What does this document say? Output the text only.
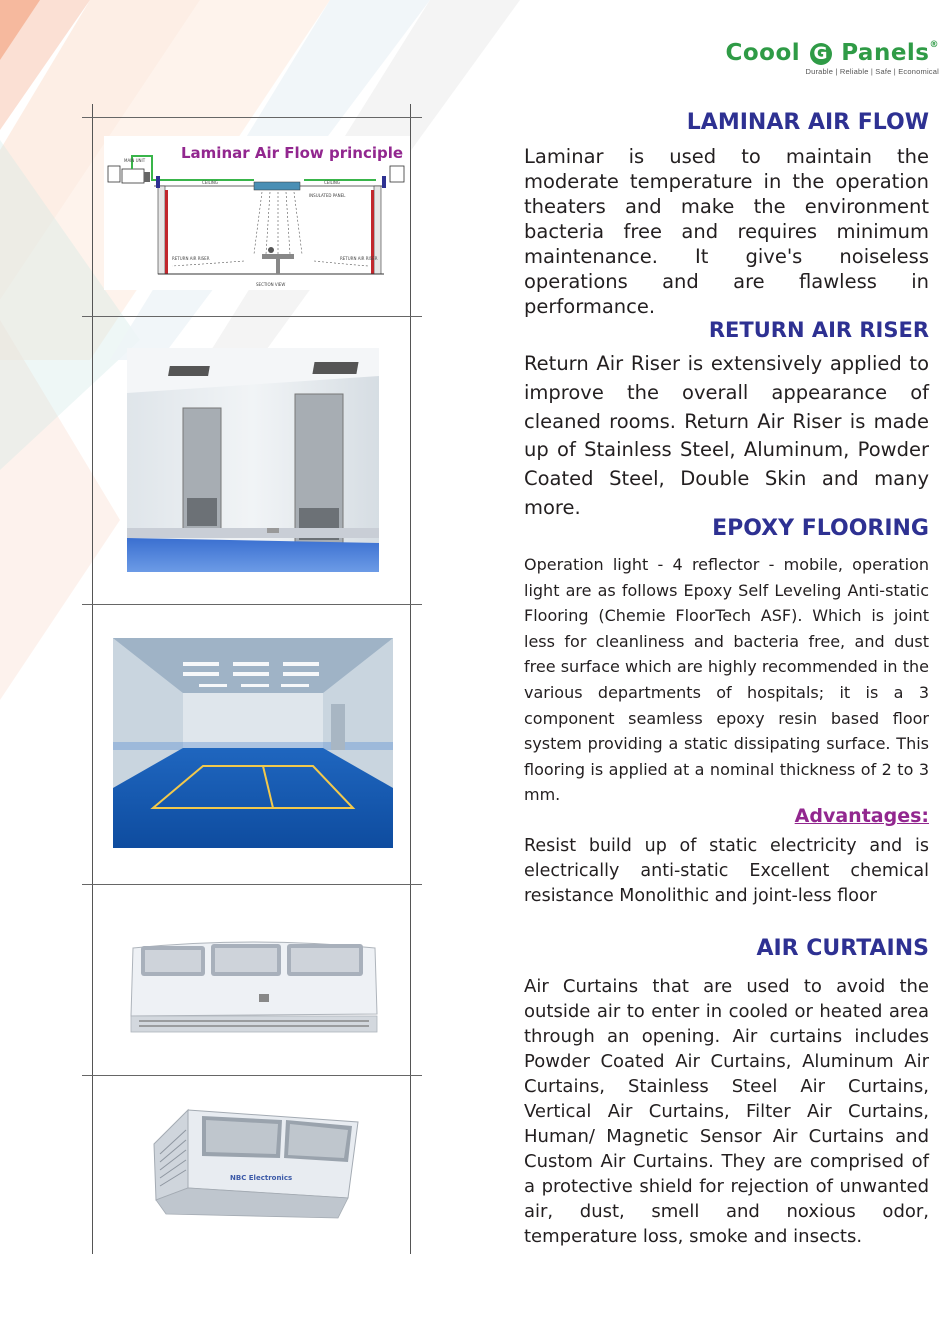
Coool G Panels®
Durable | Reliable | Safe | Economical
Laminar Air Flow principle
MAIN UNIT
CEILING	CEILING
INSULATED PANEL
RETURN AIR RISER	RETURN AIR RISER
SECTION VIEW
NBC Electronics
LAMINAR AIR FLOW

Laminar is used to maintain the moderate temperature in the operation theaters and make the environment bacteria free and requires minimum maintenance. It give's noiseless operations and are flawless in performance.

RETURN AIR RISER

Return Air Riser is extensively applied to improve the overall appearance of cleaned rooms. Return Air Riser is made up of Stainless Steel, Aluminum, Powder Coated Steel, Double Skin and many more.

EPOXY FLOORING

Operation light - 4 reflector - mobile, operation light are as follows Epoxy Self Leveling Anti-static Flooring (Chemie FloorTech ASF). Which is joint less for cleanliness and bacteria free, and dust free surface which are highly recommended in the various departments of hospitals; it is a 3 component seamless epoxy resin based floor system providing a static dissipating surface. This flooring is applied at a nominal thickness of 2 to 3 mm.

Advantages:

Resist build up of static electricity and is electrically anti-static Excellent chemical resistance Monolithic and joint-less floor

AIR CURTAINS

Air Curtains that are used to avoid the outside air to enter in cooled or heated area through an opening. Air curtains includes Powder Coated Air Curtains, Aluminum Air Curtains, Stainless Steel Air Curtains, Vertical Air Curtains, Filter Air Curtains, Human/ Magnetic Sensor Air Curtains and Custom Air Curtains. They are comprised of a protective shield for rejection of unwanted air, dust, smell and noxious odor, temperature loss, smoke and insects.
